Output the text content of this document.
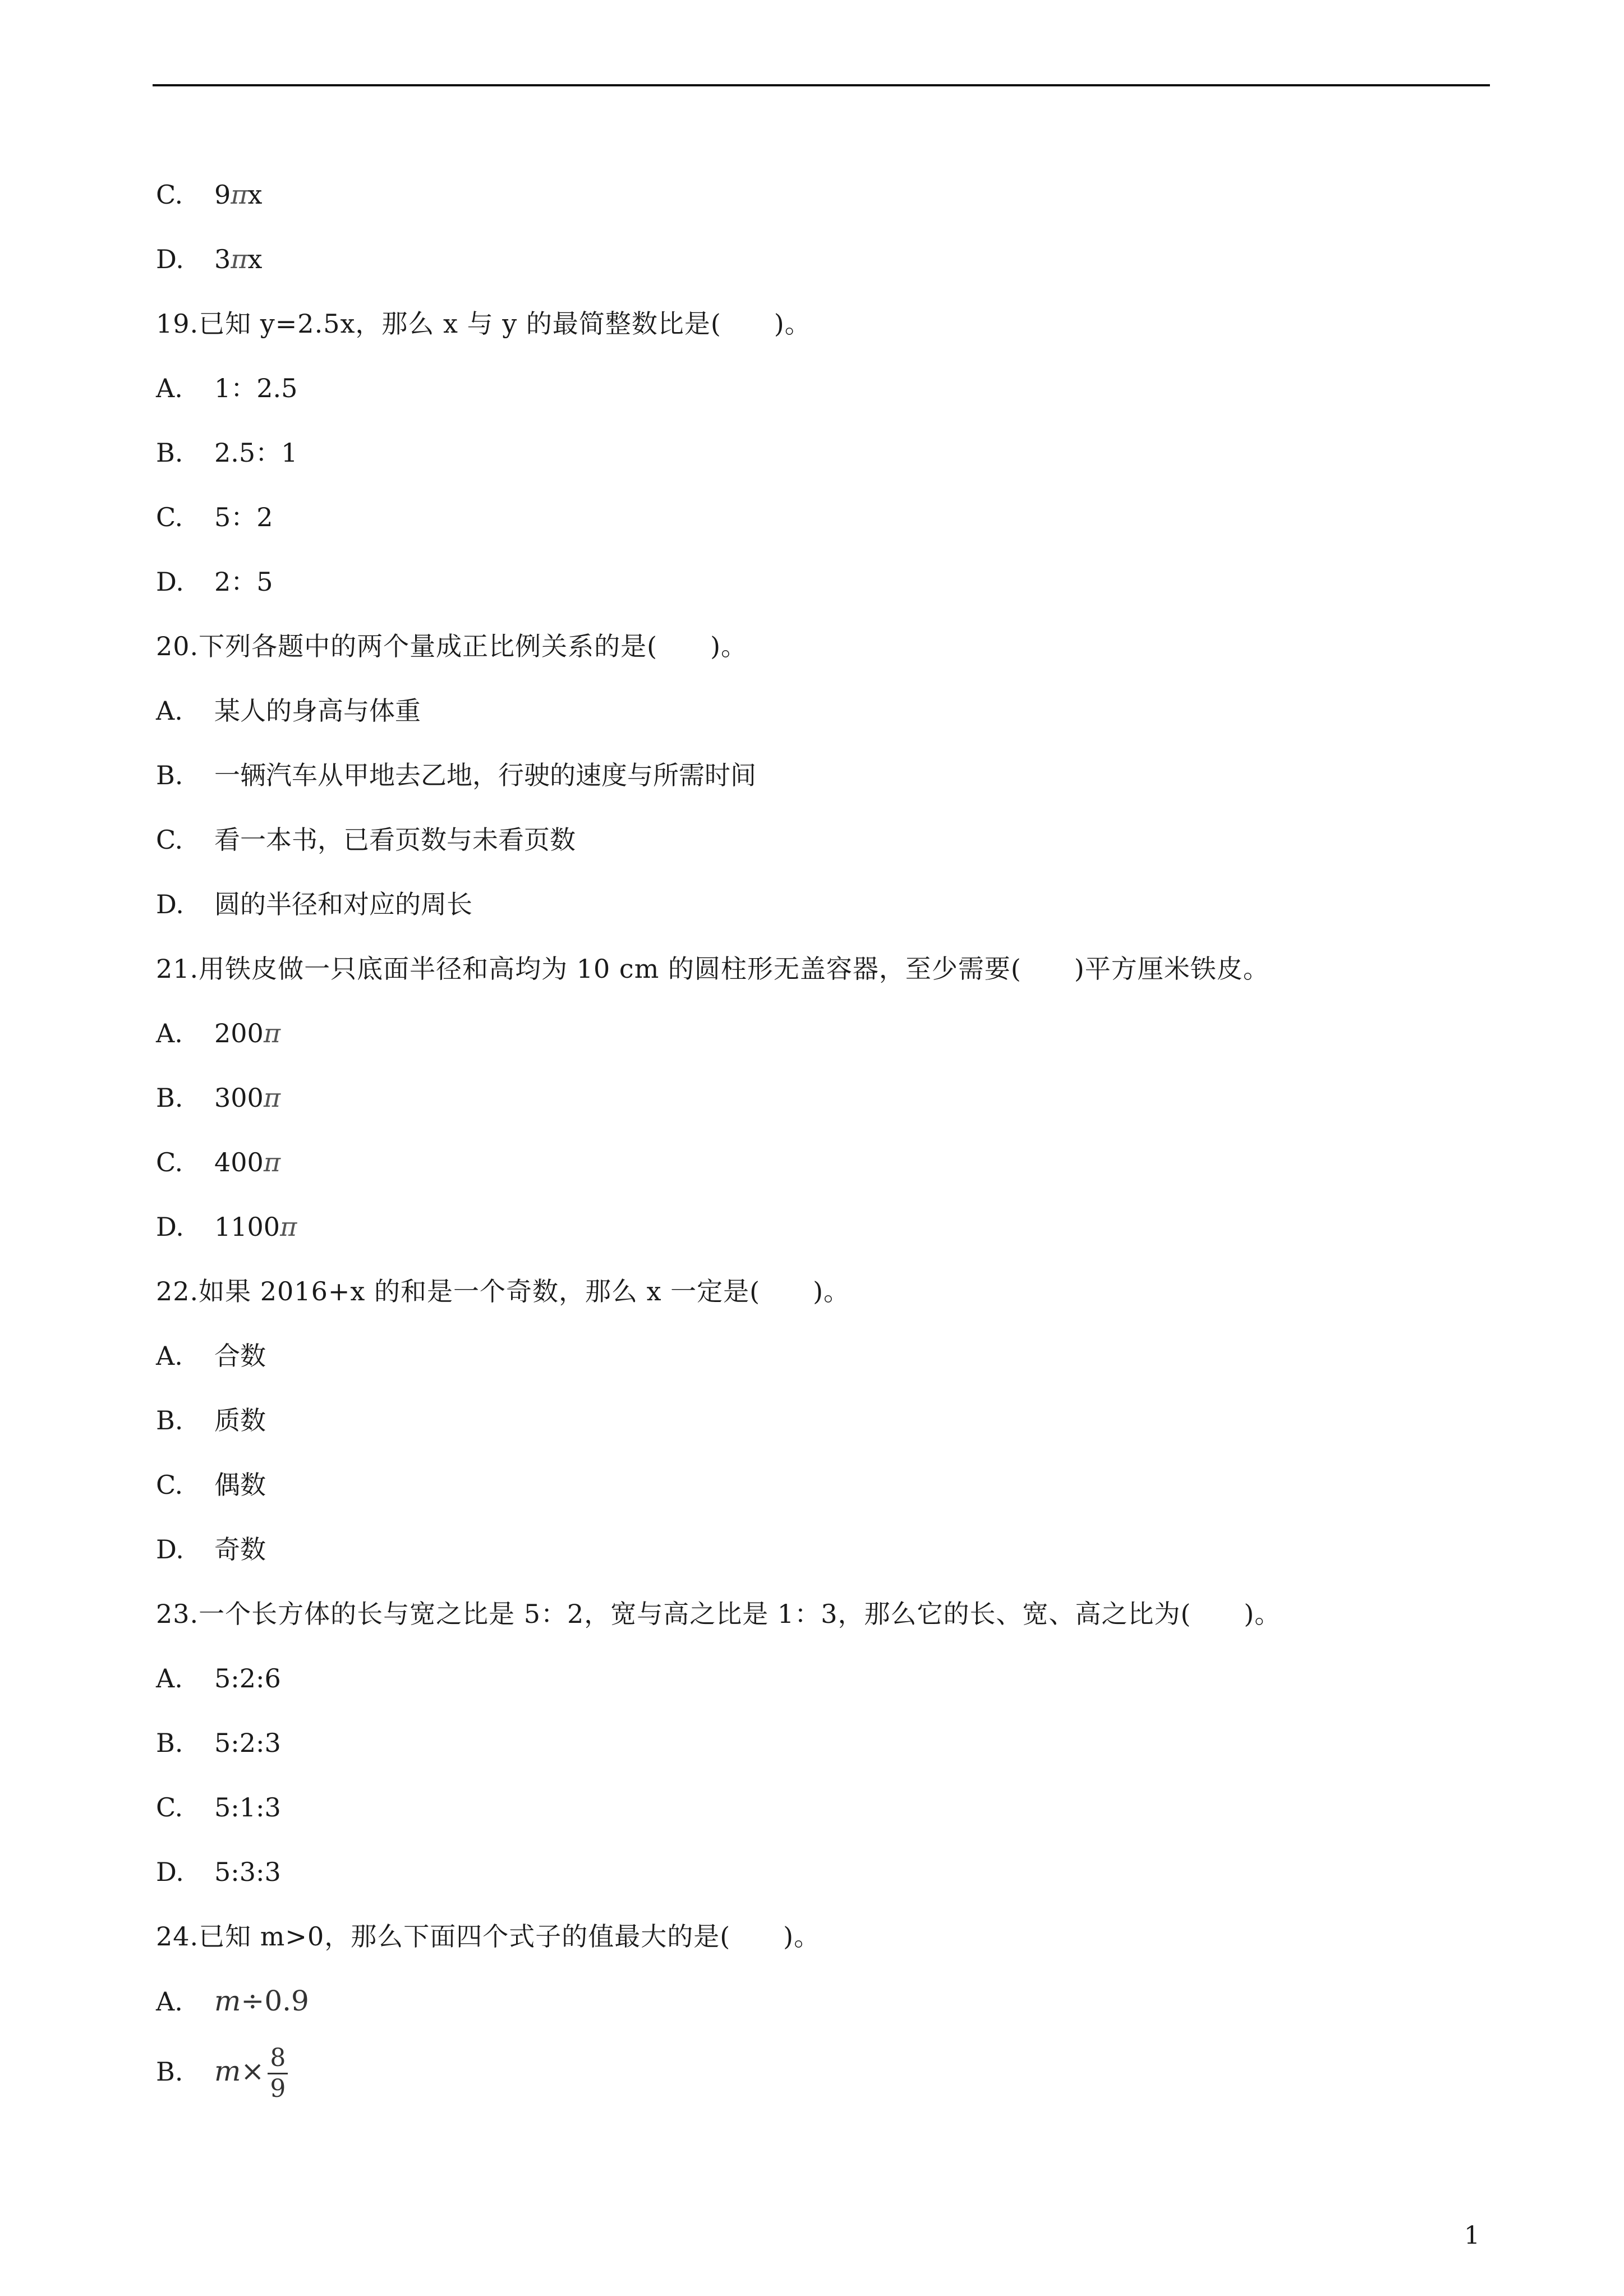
C. 9πx
D. 3πx
19.已知 y=2.5x，那么 x 与 y 的最简整数比是(　　)。
A. 1：2.5
B. 2.5：1
C. 5：2
D. 2：5
20.下列各题中的两个量成正比例关系的是(　　)。
A. 某人的身高与体重
B. 一辆汽车从甲地去乙地，行驶的速度与所需时间
C. 看一本书，已看页数与未看页数
D. 圆的半径和对应的周长
21.用铁皮做一只底面半径和高均为 10 cm 的圆柱形无盖容器，至少需要(　　)平方厘米铁皮。
A. 200π
B. 300π
C. 400π
D. 1100π
22.如果 2016+x 的和是一个奇数，那么 x 一定是(　　)。
A. 合数
B. 质数
C. 偶数
D. 奇数
23.一个长方体的长与宽之比是 5：2，宽与高之比是 1：3，那么它的长、宽、高之比为(　　)。
A. 5:2:6
B. 5:2:3
C. 5:1:3
D. 5:3:3
24.已知 m>0，那么下面四个式子的值最大的是(　　)。
A. m÷0.9
B. $m\times \frac{8}{9}$
1
